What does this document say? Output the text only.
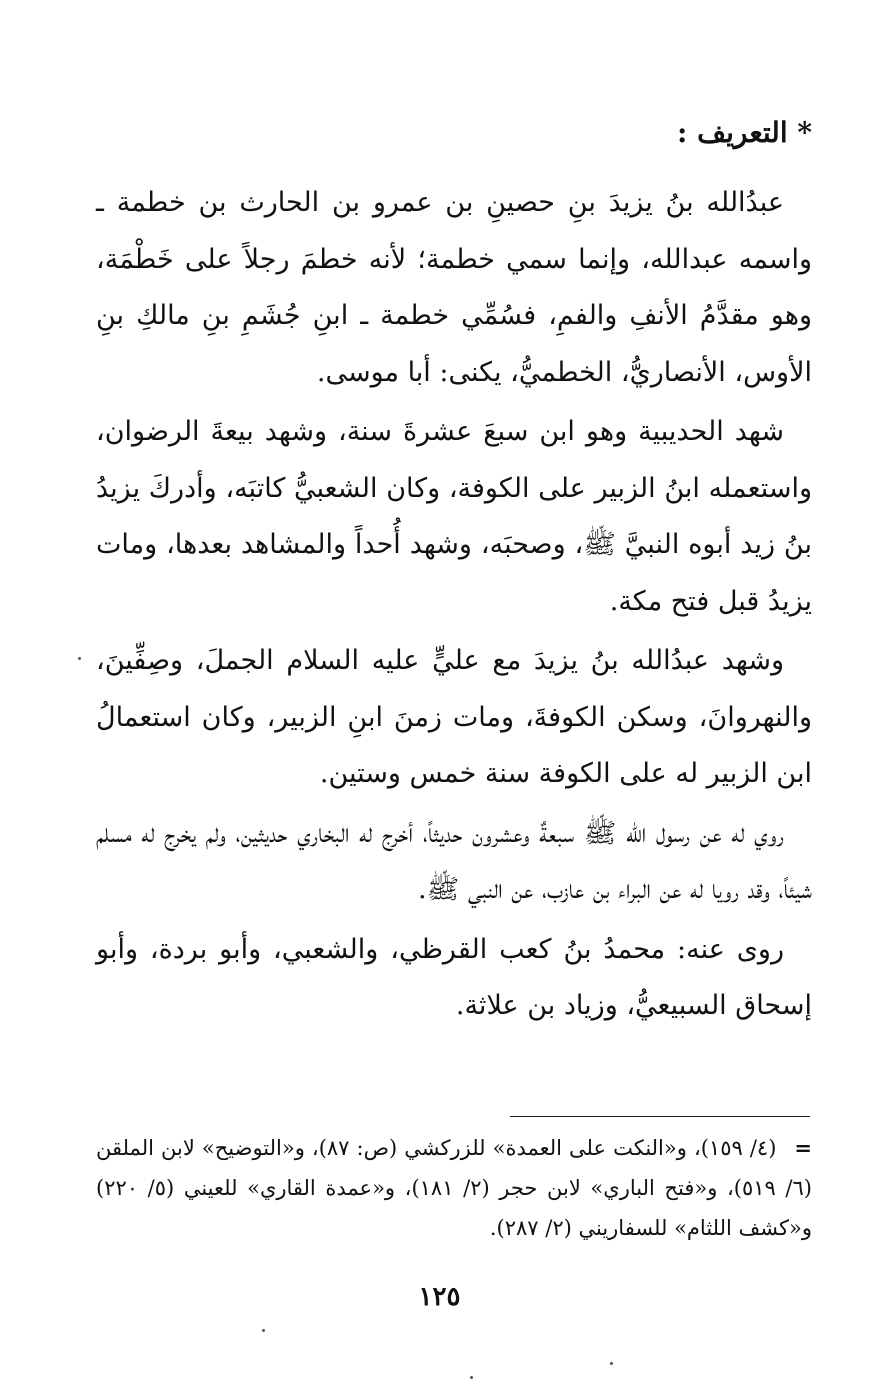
* التعريف :

عبدُالله بنُ يزيدَ بنِ حصينِ بن عمرو بن الحارث بن خطمة ـ واسمه عبدالله، وإنما سمي خطمة؛ لأنه خطمَ رجلاً على خَطْمَة، وهو مقدَّمُ الأنفِ والفمِ، فسُمِّي خطمة ـ ابنِ جُشَمِ بنِ مالكِ بنِ الأوس، الأنصاريُّ، الخطميُّ، يكنى: أبا موسى.

شهد الحديبية وهو ابن سبعَ عشرةَ سنة، وشهد بيعةَ الرضوان، واستعمله ابنُ الزبير على الكوفة، وكان الشعبيُّ كاتبَه، وأدركَ يزيدُ بنُ زيد أبوه النبيَّ ﷺ، وصحبَه، وشهد أُحداً والمشاهد بعدها، ومات يزيدُ قبل فتح مكة.

وشهد عبدُالله بنُ يزيدَ مع عليٍّ عليه السلام الجملَ، وصِفِّينَ، والنهروانَ، وسكن الكوفةَ، ومات زمنَ ابنِ الزبير، وكان استعمالُ ابن الزبير له على الكوفة سنة خمس وستين.

روي له عن رسول الله ﷺ سبعةٌ وعشرون حديثاً، أخرج له البخاري حديثين، ولم يخرج له مسلم شيئاً، وقد رويا له عن البراء بن عازب، عن النبي ﷺ.

روى عنه: محمدُ بنُ كعب القرظي، والشعبي، وأبو بردة، وأبو إسحاق السبيعيُّ، وزياد بن علاثة.

=(٤/ ١٥٩)، و«النكت على العمدة» للزركشي (ص: ٨٧)، و«التوضيح» لابن الملقن (٦/ ٥١٩)، و«فتح الباري» لابن حجر (٢/ ١٨١)، و«عمدة القاري» للعيني (٥/ ٢٢٠) و«كشف اللثام» للسفاريني (٢/ ٢٨٧).
١٢٥
